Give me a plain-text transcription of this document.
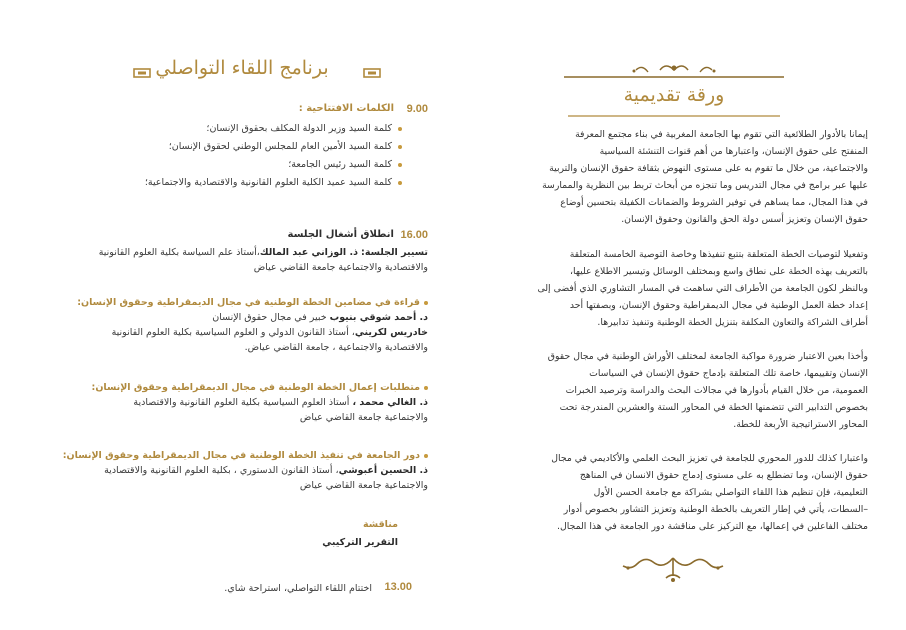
برنامج اللقاء التواصلي
9.00
الكلمات الافتتاحية :
كلمة السيد وزير الدولة المكلف بحقوق الإنسان؛
كلمة السيد الأمين العام للمجلس الوطني لحقوق الإنسان؛
كلمة السيد رئيس الجامعة؛
كلمة السيد عميد الكلية العلوم القانونية والاقتصادية والاجتماعية؛
16.00
انطلاق أشغال الجلسة
تسيير الجلسة: ذ. الوزاني عبد المالك،أستاذ علم السياسة بكلية العلوم القانونية
والاقتصادية والاجتماعية جامعة القاضي عياض
قراءة في مضامين الخطة الوطنية في مجال الديمقراطية وحقوق الإنسان:
د. أحمد شوقي بنيوب خبير في مجال حقوق الإنسان
خادريس لكريني، أستاذ القانون الدولي و العلوم السياسية بكلية العلوم القانونية
والاقتصادية والاجتماعية ، جامعة القاضي عياض.
متطلبات إعمال الخطة الوطنية في مجال الديمقراطية وحقوق الإنسان:
ذ. الغالي محمد ، أستاذ العلوم السياسية بكلية العلوم القانونية والاقتصادية
والاجتماعية جامعة القاضي عياض
دور الجامعة في تنفيذ الخطة الوطنية في مجال الديمقراطية وحقوق الإنسان:
ذ. الحسين أعبوشي، أستاذ القانون الدستوري ، بكلية العلوم القانونية والاقتصادية
والاجتماعية جامعة القاضي عياض
مناقشة
التقرير التركيبي
13.00
اختتام اللقاء التواصلي، استراحة شاي.
ورقة تقديمية
إيمانا بالأدوار الطلائعية التي تقوم بها الجامعة المغربية في بناء مجتمع المعرفة
المنفتح على حقوق الإنسان، واعتبارها من أهم قنوات التنشئة السياسية
والاجتماعية، من خلال ما تقوم به على مستوى النهوض بثقافة حقوق الإنسان والتربية
عليها عبر برامج في مجال التدريس وما تنجزه من أبحاث تربط بين النظرية والممارسة
في هذا المجال، مما يساهم في توفير الشروط والضمانات الكفيلة بتحسين أوضاع
حقوق الإنسان وتعزيز أسس دولة الحق والقانون وحقوق الإنسان.
وتفعيلا لتوصيات الخطة المتعلقة بتتبع تنفيذها وخاصة التوصية الخامسة المتعلقة
بالتعريف بهذه الخطة على نطاق واسع وبمختلف الوسائل وتيسير الاطلاع عليها،
وبالنظر لكون الجامعة من الأطراف التي ساهمت في المسار التشاوري الذي أفضى إلى
إعداد خطة العمل الوطنية في مجال الديمقراطية وحقوق الإنسان، وبصفتها أحد
أطراف الشراكة والتعاون المكلفة بتنزيل الخطة الوطنية وتنفيذ تدابيرها.
وأخذا بعين الاعتبار ضرورة مواكبة الجامعة لمختلف الأوراش الوطنية في مجال حقوق
الإنسان وتقييمها، خاصة تلك المتعلقة بإدماج حقوق الإنسان في السياسات
العمومية، من خلال القيام بأدوارها في مجالات البحث والدراسة وترصيد الخبرات
بخصوص التدابير التي تتضمنها الخطة في المحاور الستة والعشرين المندرجة تحت
المحاور الاستراتيجية الأربعة للخطة.
واعتبارا كذلك للدور المحوري للجامعة في تعزيز البحث العلمي والأكاديمي في مجال
حقوق الإنسان، وما تضطلع به على مستوى إدماج حقوق الانسان في المناهج
التعليمية، فإن تنظيم هذا اللقاء التواصلي بشراكة مع جامعة الحسن الأول
–السطات، يأتي في إطار التعريف بالخطة الوطنية وتعزيز التشاور بخصوص أدوار
مختلف الفاعلين في إعمالها، مع التركيز على مناقشة دور الجامعة في هذا المجال.
